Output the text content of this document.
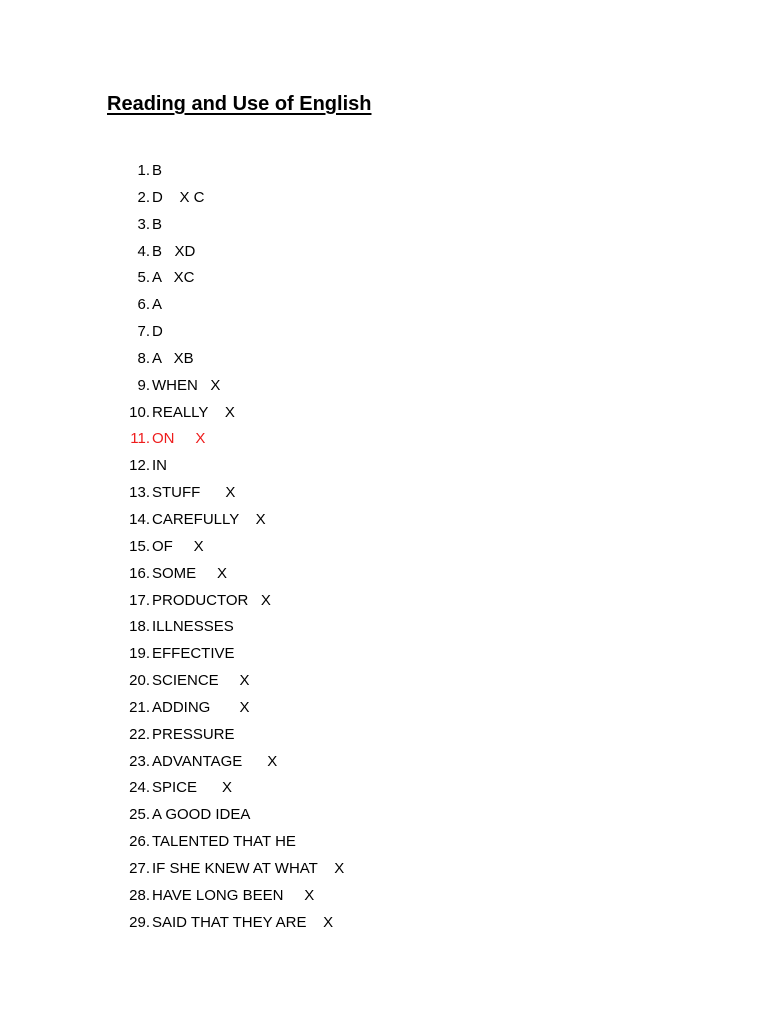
Reading and Use of English
1. B
2. D    X C
3. B
4. B   XD
5. A   XC
6. A
7. D
8. A   XB
9. WHEN   X
10. REALLY    X
11. ON     X
12. IN
13. STUFF      X
14. CAREFULLY    X
15. OF     X
16. SOME     X
17. PRODUCTOR   X
18. ILLNESSES
19. EFFECTIVE
20. SCIENCE     X
21. ADDING       X
22. PRESSURE
23. ADVANTAGE      X
24. SPICE      X
25. A GOOD IDEA
26. TALENTED THAT HE
27. IF SHE KNEW AT WHAT    X
28. HAVE LONG BEEN     X
29. SAID THAT THEY ARE    X
